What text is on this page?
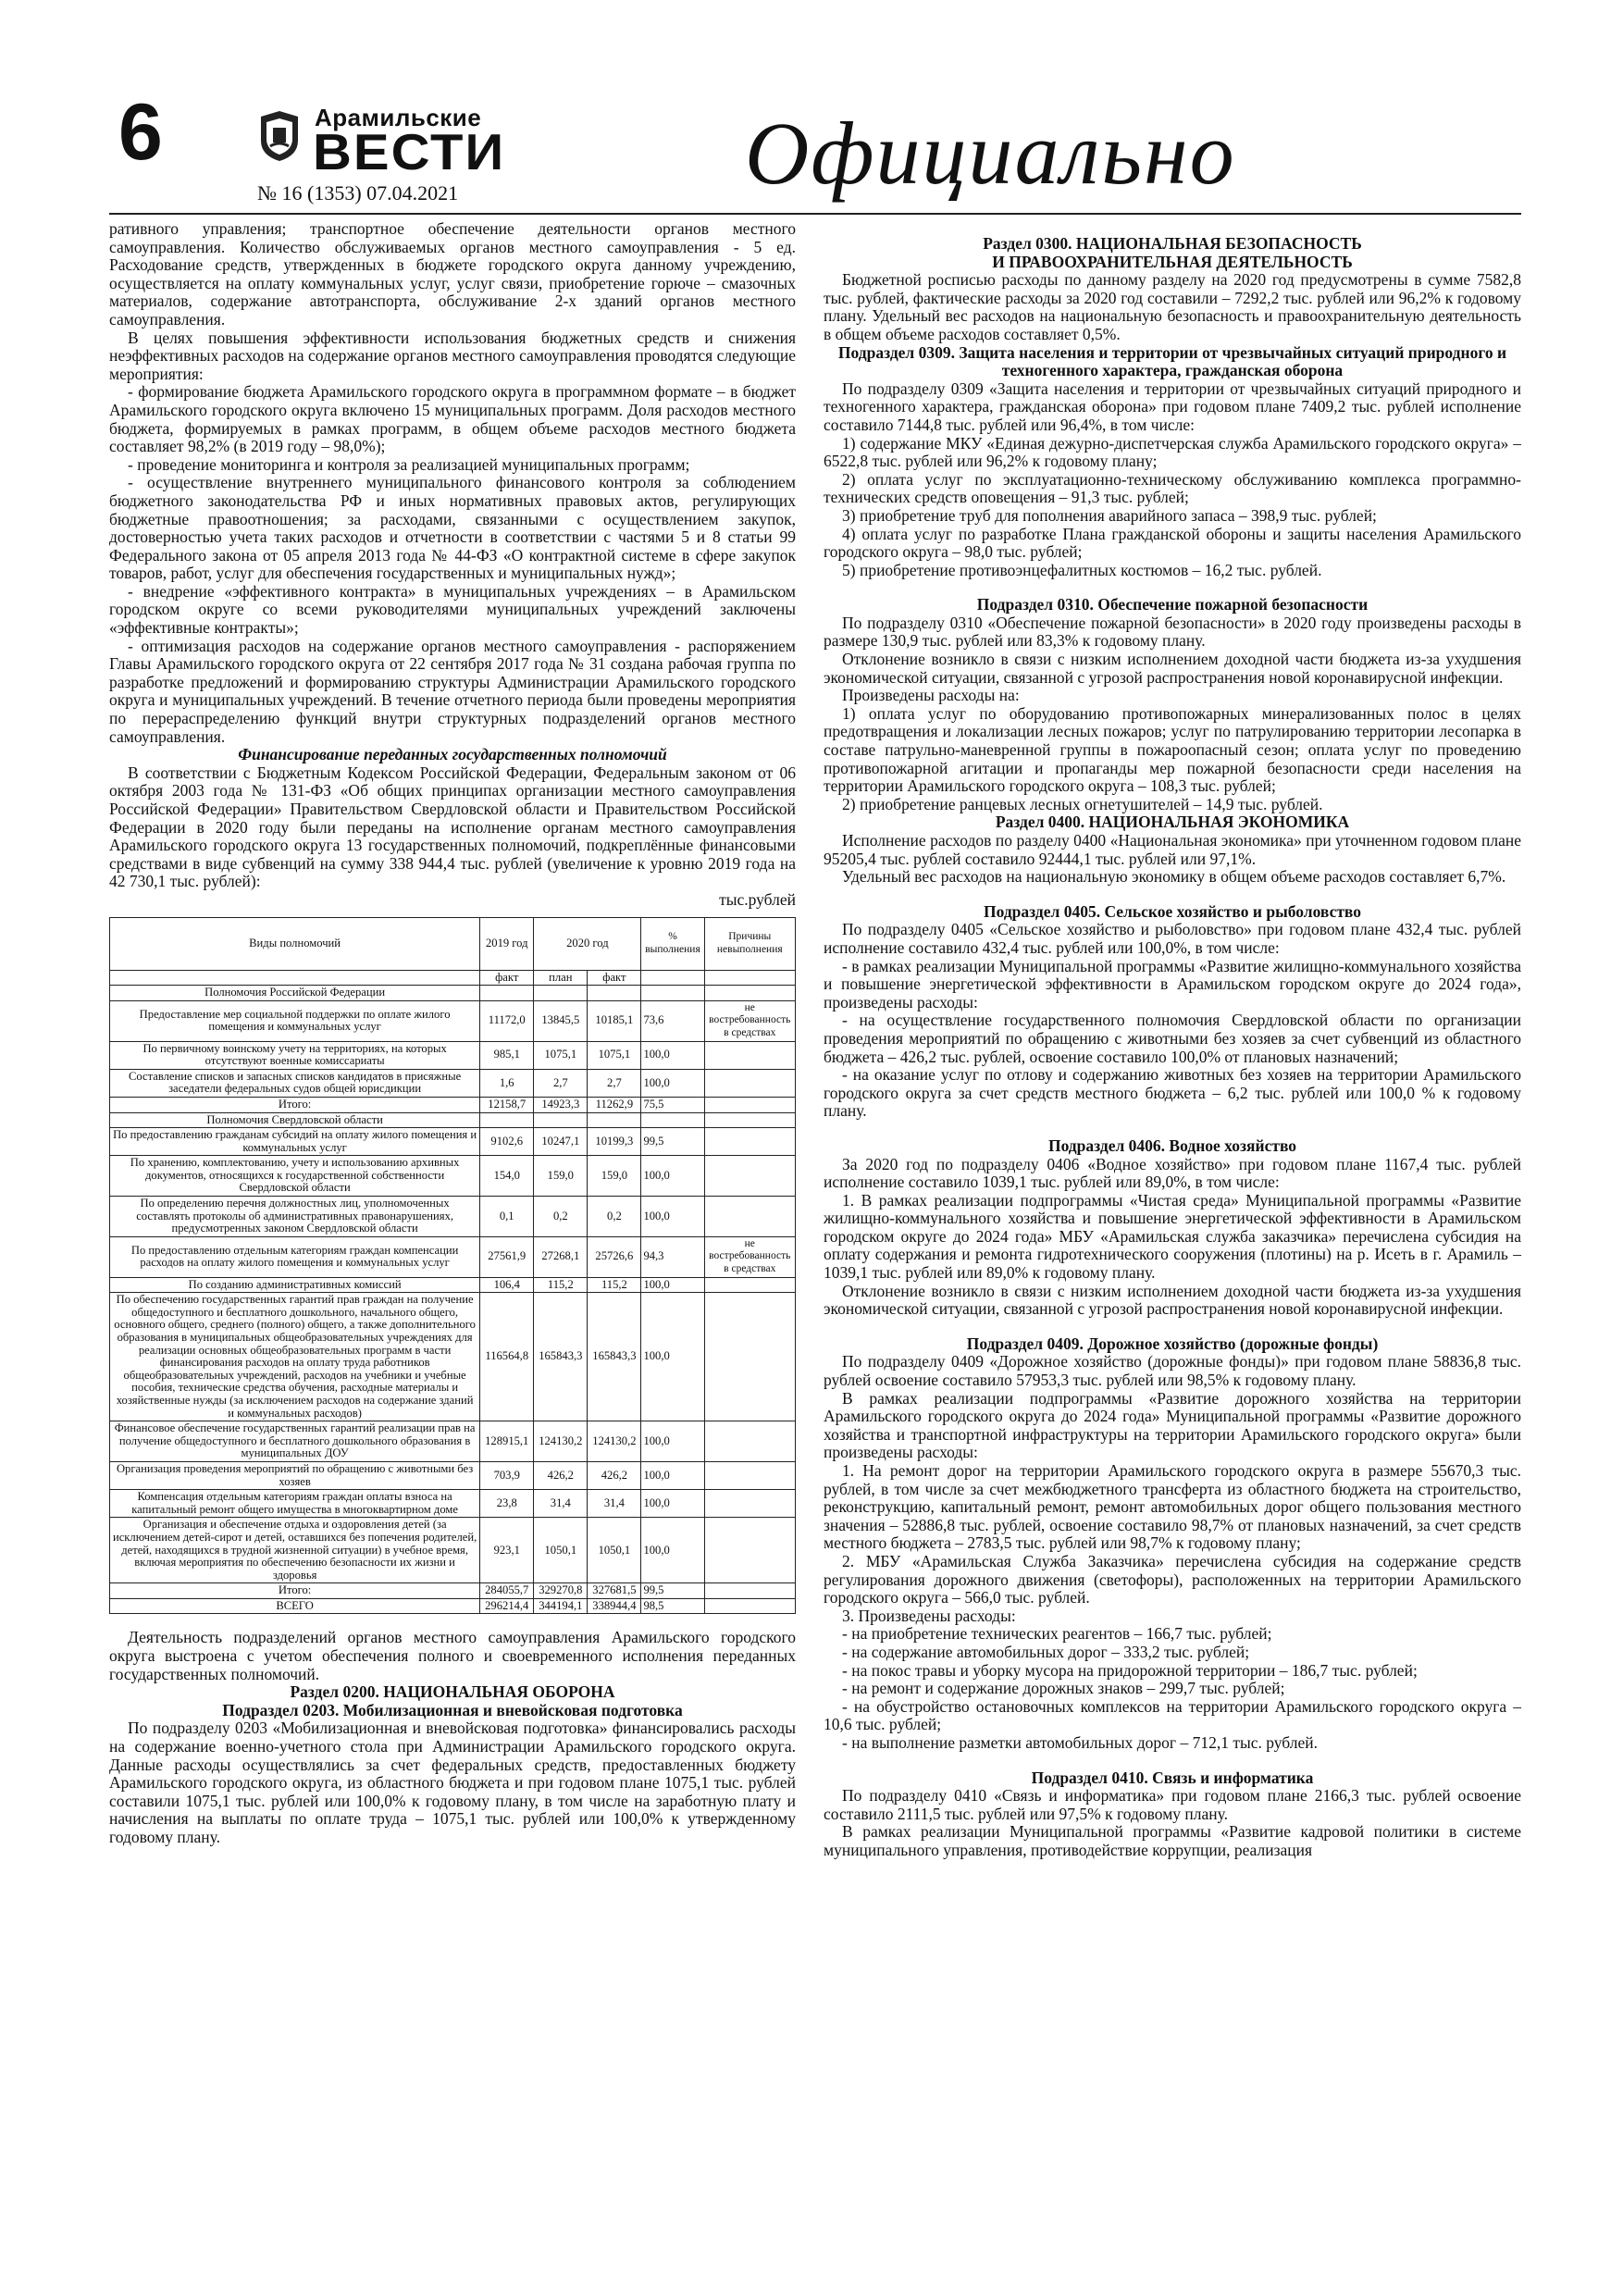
6	Арамильские
ВЕСТИ
№ 16 (1353) 07.04.2021	Официально

ративного управления; транспортное обеспечение деятельности органов местного самоуправления. Количество обслуживаемых органов местного самоуправления - 5 ед. Расходование средств, утвержденных в бюджете городского округа данному учреждению, осуществляется на оплату коммунальных услуг, услуг связи, приобретение горюче – смазочных материалов, содержание автотранспорта, обслуживание 2-х зданий органов местного самоуправления.

В целях повышения эффективности использования бюджетных средств и снижения неэффективных расходов на содержание органов местного самоуправления проводятся следующие мероприятия:

- формирование бюджета Арамильского городского округа в программном формате – в бюджет Арамильского городского округа включено 15 муниципальных программ. Доля расходов местного бюджета, формируемых в рамках программ, в общем объеме расходов местного бюджета составляет 98,2% (в 2019 году – 98,0%);

- проведение мониторинга и контроля за реализацией муниципальных программ;

- осуществление внутреннего муниципального финансового контроля за соблюдением бюджетного законодательства РФ и иных нормативных правовых актов, регулирующих бюджетные правоотношения; за расходами, связанными с осуществлением закупок, достоверностью учета таких расходов и отчетности в соответствии с частями 5 и 8 статьи 99 Федерального закона от 05 апреля 2013 года № 44-ФЗ «О контрактной системе в сфере закупок товаров, работ, услуг для обеспечения государственных и муниципальных нужд»;

- внедрение «эффективного контракта» в муниципальных учреждениях – в Арамильском городском округе со всеми руководителями муниципальных учреждений заключены «эффективные контракты»;

- оптимизация расходов на содержание органов местного самоуправления - распоряжением Главы Арамильского городского округа от 22 сентября 2017 года № 31 создана рабочая группа по разработке предложений и формированию структуры Администрации Арамильского городского округа и муниципальных учреждений. В течение отчетного периода были проведены мероприятия по перераспределению функций внутри структурных подразделений органов местного самоуправления.

Финансирование переданных государственных полномочий

В соответствии с Бюджетным Кодексом Российской Федерации, Федеральным законом от 06 октября 2003 года № 131-ФЗ «Об общих принципах организации местного самоуправления Российской Федерации» Правительством Свердловской области и Правительством Российской Федерации в 2020 году были переданы на исполнение органам местного самоуправления Арамильского городского округа 13 государственных полномочий, подкреплённые финансовыми средствами в виде субвенций на сумму 338 944,4 тыс. рублей (увеличение к уровню 2019 года на 42 730,1 тыс. рублей):

тыс.рублей

Виды полномочий	2019 год	2020 год		% выполнения	Причины невыполнения
	факт	план	факт		
Полномочия Российской Федерации					
Предоставление мер социальной поддержки по оплате жилого помещения и коммунальных услуг	11172,0	13845,5	10185,1	73,6	не востребованность в средствах
По первичному воинскому учету на территориях, на которых отсутствуют военные комиссариаты	985,1	1075,1	1075,1	100,0	
Составление списков и запасных списков кандидатов в присяжные заседатели федеральных судов общей юрисдикции	1,6	2,7	2,7	100,0	
Итого:	12158,7	14923,3	11262,9	75,5	
Полномочия Свердловской области					
По предоставлению гражданам субсидий на оплату жилого помещения и коммунальных услуг	9102,6	10247,1	10199,3	99,5	
По хранению, комплектованию, учету и использованию архивных документов, относящихся к государственной собственности Свердловской области	154,0	159,0	159,0	100,0	
По определению перечня должностных лиц, уполномоченных составлять протоколы об административных правонарушениях, предусмотренных законом Свердловской области	0,1	0,2	0,2	100,0	
По предоставлению отдельным категориям граждан компенсации расходов на оплату жилого помещения и коммунальных услуг	27561,9	27268,1	25726,6	94,3	не востребованность в средствах
По созданию административных комиссий	106,4	115,2	115,2	100,0	
По обеспечению государственных гарантий прав граждан на получение общедоступного и бесплатного дошкольного, начального общего, основного общего, среднего (полного) общего, а также дополнительного образования в муниципальных общеобразовательных учреждениях для реализации основных общеобразовательных программ в части финансирования расходов на оплату труда работников общеобразовательных учреждений, расходов на учебники и учебные пособия, технические средства обучения, расходные материалы и хозяйственные нужды (за исключением расходов на содержание зданий и коммунальных расходов)	116564,8	165843,3	165843,3	100,0	
Финансовое обеспечение государственных гарантий реализации прав на получение общедоступного и бесплатного дошкольного образования в муниципальных ДОУ	128915,1	124130,2	124130,2	100,0	
Организация проведения мероприятий по обращению с животными без хозяев	703,9	426,2	426,2	100,0	
Компенсация отдельным категориям граждан оплаты взноса на капитальный ремонт общего имущества в многоквартирном доме	23,8	31,4	31,4	100,0	
Организация и обеспечение отдыха и оздоровления детей (за исключением детей-сирот и детей, оставшихся без попечения родителей, детей, находящихся в трудной жизненной ситуации) в учебное время, включая мероприятия по обеспечению безопасности их жизни и здоровья	923,1	1050,1	1050,1	100,0	
Итого:	284055,7	329270,8	327681,5	99,5	
ВСЕГО	296214,4	344194,1	338944,4	98,5	

Деятельность подразделений органов местного самоуправления Арамильского городского округа выстроена с учетом обеспечения полного и своевременного исполнения переданных государственных полномочий.

Раздел 0200. НАЦИОНАЛЬНАЯ ОБОРОНА

Подраздел 0203. Мобилизационная и вневойсковая подготовка

По подразделу 0203 «Мобилизационная и вневойсковая подготовка» финансировались расходы на содержание военно-учетного стола при Администрации Арамильского городского округа. Данные расходы осуществлялись за счет федеральных средств, предоставленных бюджету Арамильского городского округа, из областного бюджета и при годовом плане 1075,1 тыс. рублей составили 1075,1 тыс. рублей или 100,0% к годовому плану, в том числе на заработную плату и начисления на выплаты по оплате труда – 1075,1 тыс. рублей или 100,0% к утвержденному годовому плану.

Раздел 0300. НАЦИОНАЛЬНАЯ БЕЗОПАСНОСТЬ

И ПРАВООХРАНИТЕЛЬНАЯ ДЕЯТЕЛЬНОСТЬ

Бюджетной росписью расходы по данному разделу на 2020 год предусмотрены в сумме 7582,8 тыс. рублей, фактические расходы за 2020 год составили – 7292,2 тыс. рублей или 96,2% к годовому плану. Удельный вес расходов на национальную безопасность и правоохранительную деятельность в общем объеме расходов составляет 0,5%.

Подраздел 0309. Защита населения и территории от чрезвычайных ситуаций природного и техногенного характера, гражданская оборона

По подразделу 0309 «Защита населения и территории от чрезвычайных ситуаций природного и техногенного характера, гражданская оборона» при годовом плане 7409,2 тыс. рублей исполнение составило 7144,8 тыс. рублей или 96,4%, в том числе:

1) содержание МКУ «Единая дежурно-диспетчерская служба Арамильского городского округа» – 6522,8 тыс. рублей или 96,2% к годовому плану;

2) оплата услуг по эксплуатационно-техническому обслуживанию комплекса программно-технических средств оповещения – 91,3 тыс. рублей;

3) приобретение труб для пополнения аварийного запаса – 398,9 тыс. рублей;

4) оплата услуг по разработке Плана гражданской обороны и защиты населения Арамильского городского округа – 98,0 тыс. рублей;

5) приобретение противоэнцефалитных костюмов – 16,2 тыс. рублей.

Подраздел 0310. Обеспечение пожарной безопасности

По подразделу 0310 «Обеспечение пожарной безопасности» в 2020 году произведены расходы в размере 130,9 тыс. рублей или 83,3% к годовому плану.

Отклонение возникло в связи с низким исполнением доходной части бюджета из-за ухудшения экономической ситуации, связанной с угрозой распространения новой коронавирусной инфекции.

Произведены расходы на:

1) оплата услуг по оборудованию противопожарных минерализованных полос в целях предотвращения и локализации лесных пожаров; услуг по патрулированию территории лесопарка в составе патрульно-маневренной группы в пожароопасный сезон; оплата услуг по проведению противопожарной агитации и пропаганды мер пожарной безопасности среди населения на территории Арамильского городского округа – 108,3 тыс. рублей;

2) приобретение ранцевых лесных огнетушителей – 14,9 тыс. рублей.

Раздел 0400. НАЦИОНАЛЬНАЯ ЭКОНОМИКА

Исполнение расходов по разделу 0400 «Национальная экономика» при уточненном годовом плане 95205,4 тыс. рублей составило 92444,1 тыс. рублей или 97,1%.

Удельный вес расходов на национальную экономику в общем объеме расходов составляет 6,7%.

Подраздел 0405. Сельское хозяйство и рыболовство

По подразделу 0405 «Сельское хозяйство и рыболовство» при годовом плане 432,4 тыс. рублей исполнение составило 432,4 тыс. рублей или 100,0%, в том числе:

- в рамках реализации Муниципальной программы «Развитие жилищно-коммунального хозяйства и повышение энергетической эффективности в Арамильском городском округе до 2024 года», произведены расходы:

- на осуществление государственного полномочия Свердловской области по организации проведения мероприятий по обращению с животными без хозяев за счет субвенций из областного бюджета – 426,2 тыс. рублей, освоение составило 100,0% от плановых назначений;

- на оказание услуг по отлову и содержанию животных без хозяев на территории Арамильского городского округа за счет средств местного бюджета – 6,2 тыс. рублей или 100,0 % к годовому плану.

Подраздел 0406. Водное хозяйство

За 2020 год по подразделу 0406 «Водное хозяйство» при годовом плане 1167,4 тыс. рублей исполнение составило 1039,1 тыс. рублей или 89,0%, в том числе:

1. В рамках реализации подпрограммы «Чистая среда» Муниципальной программы «Развитие жилищно-коммунального хозяйства и повышение энергетической эффективности в Арамильском городском округе до 2024 года» МБУ «Арамильская служба заказчика» перечислена субсидия на оплату содержания и ремонта гидротехнического сооружения (плотины) на р. Исеть в г. Арамиль – 1039,1 тыс. рублей или 89,0% к годовому плану.

Отклонение возникло в связи с низким исполнением доходной части бюджета из-за ухудшения экономической ситуации, связанной с угрозой распространения новой коронавирусной инфекции.

Подраздел 0409. Дорожное хозяйство (дорожные фонды)

По подразделу 0409 «Дорожное хозяйство (дорожные фонды)» при годовом плане 58836,8 тыс. рублей освоение составило 57953,3 тыс. рублей или 98,5% к годовому плану.

В рамках реализации подпрограммы «Развитие дорожного хозяйства на территории Арамильского городского округа до 2024 года» Муниципальной программы «Развитие дорожного хозяйства и транспортной инфраструктуры на территории Арамильского городского округа» были произведены расходы:

1. На ремонт дорог на территории Арамильского городского округа в размере 55670,3 тыс. рублей, в том числе за счет межбюджетного трансферта из областного бюджета на строительство, реконструкцию, капитальный ремонт, ремонт автомобильных дорог общего пользования местного значения – 52886,8 тыс. рублей, освоение составило 98,7% от плановых назначений, за счет средств местного бюджета – 2783,5 тыс. рублей или 98,7% к годовому плану;

2. МБУ «Арамильская Служба Заказчика» перечислена субсидия на содержание средств регулирования дорожного движения (светофоры), расположенных на территории Арамильского городского округа – 566,0 тыс. рублей.

3. Произведены расходы:

- на приобретение технических реагентов – 166,7 тыс. рублей;

- на содержание автомобильных дорог – 333,2 тыс. рублей;

- на покос травы и уборку мусора на придорожной территории – 186,7 тыс. рублей;

- на ремонт и содержание дорожных знаков – 299,7 тыс. рублей;

- на обустройство остановочных комплексов на территории Арамильского городского округа – 10,6 тыс. рублей;

- на выполнение разметки автомобильных дорог – 712,1 тыс. рублей.

Подраздел 0410. Связь и информатика

По подразделу 0410 «Связь и информатика» при годовом плане 2166,3 тыс. рублей освоение составило 2111,5 тыс. рублей или 97,5% к годовому плану.

В рамках реализации Муниципальной программы «Развитие кадровой политики в системе муниципального управления, противодействие коррупции, реализация
